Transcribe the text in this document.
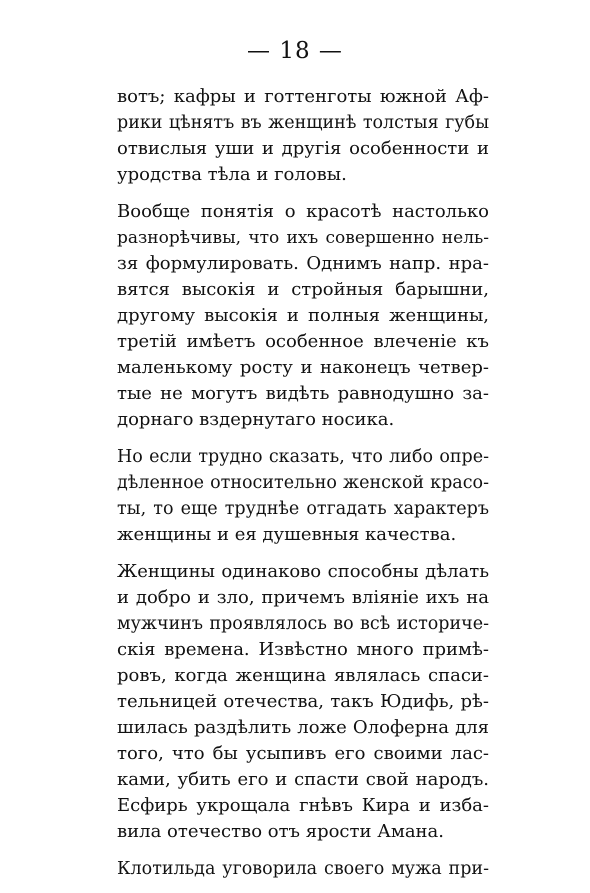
— 18 —
вотъ; кафры и готтенготы южной Аф-
рики цѣнятъ въ женщинѣ толстыя губы
отвислыя уши и другія особенности и
уродства тѣла и головы.
Вообще понятія о красотѣ настолько
разнорѣчивы, что ихъ совершенно нель-
зя формулировать. Однимъ напр. нра-
вятся высокія и стройныя барышни,
другому высокія и полныя женщины,
третій имѣетъ особенное влеченіе къ
маленькому росту и наконецъ четвер-
тые не могутъ видѣть равнодушно за-
дорнаго вздернутаго носика.
Но если трудно сказать, что либо опре-
дѣленное относительно женской красо-
ты, то еще труднѣе отгадать характеръ
женщины и ея душевныя качества.
Женщины одинаково способны дѣлать
и добро и зло, причемъ вліяніе ихъ на
мужчинъ проявлялось во всѣ историче-
скія времена. Извѣстно много примѣ-
ровъ, когда женщина являлась спаси-
тельницей отечества, такъ Юдифь, рѣ-
шилась раздѣлить ложе Олоферна для
того, что бы усыпивъ его своими лас-
ками, убить его и спасти свой народъ.
Есфирь укрощала гнѣвъ Кира и избa-
вила отечество отъ ярости Аманa.
Клотильда уговорила своего мужа при-
